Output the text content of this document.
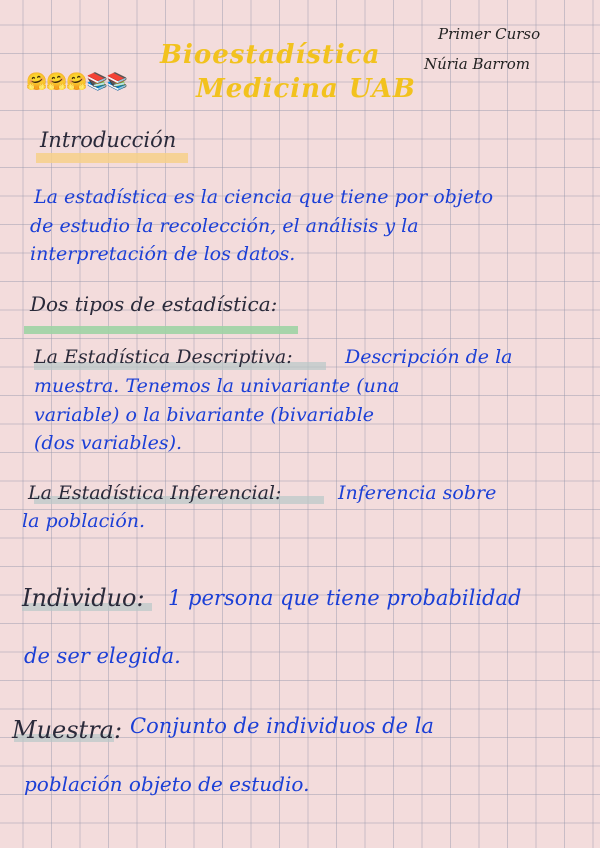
🤗🤗🤗📚📚
Bioestadística
Medicina UAB
Primer Curso
Núria Barrom
Introducción
La estadística es la ciencia que tiene por objeto
de estudio la recolección, el análisis y la
interpretación de los datos.
Dos tipos de estadística:
La Estadística Descriptiva:	Descripción de la
muestra. Tenemos la univariante (una
variable) o la bivariante (bivariable
(dos variables).
La Estadística Inferencial:	Inferencia sobre
la población.
Individuo: 1 persona que tiene probabilidad
de ser elegida.
Muestra: Conjunto de individuos de la
población objeto de estudio.
